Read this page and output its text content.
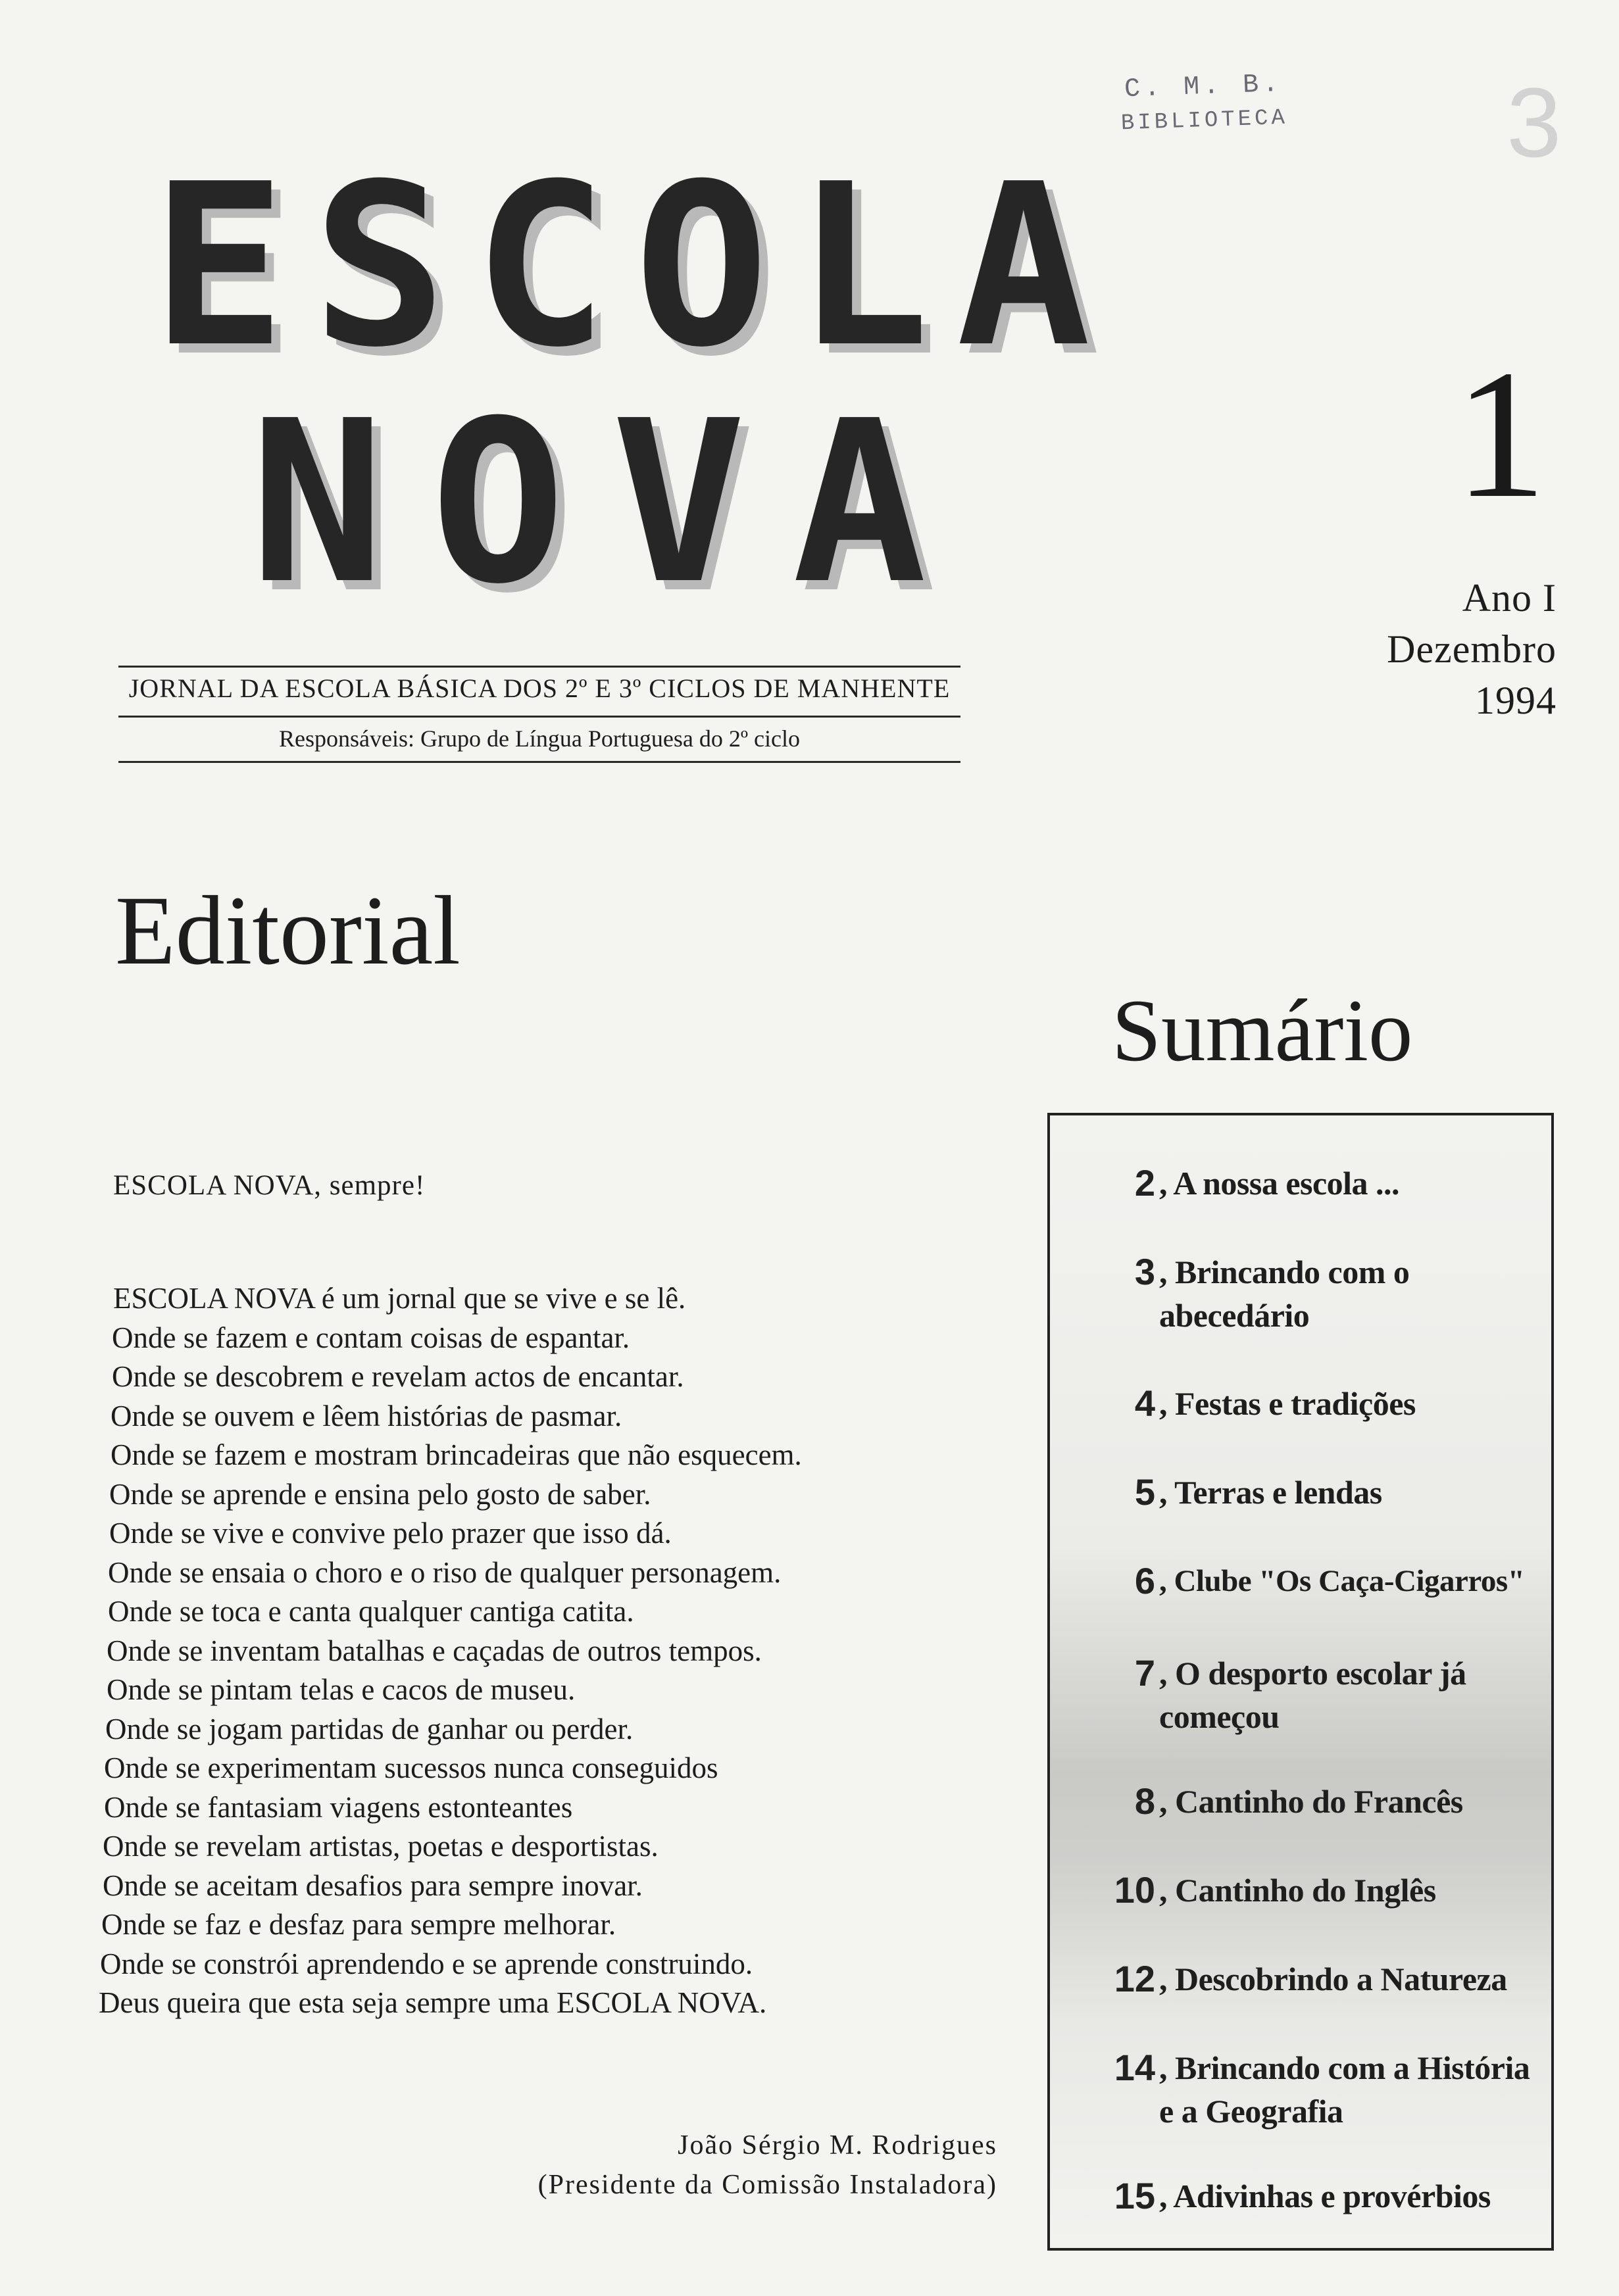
C. M. B.
BIBLIOTECA 3
ESCOLA
NOVA	1
Ano I
Dezembro
1994
JORNAL DA ESCOLA BÁSICA DOS 2º E 3º CICLOS DE MANHENTE
Responsáveis: Grupo de Língua Portuguesa do 2º ciclo
Editorial
ESCOLA NOVA, sempre!
ESCOLA NOVA é um jornal que se vive e se lê.
Onde se fazem e contam coisas de espantar.
Onde se descobrem e revelam actos de encantar.
Onde se ouvem e lêem histórias de pasmar.
Onde se fazem e mostram brincadeiras que não esquecem.
Onde se aprende e ensina pelo gosto de saber.
Onde se vive e convive pelo prazer que isso dá.
Onde se ensaia o choro e o riso de qualquer personagem.
Onde se toca e canta qualquer cantiga catita.
Onde se inventam batalhas e caçadas de outros tempos.
Onde se pintam telas e cacos de museu.
Onde se jogam partidas de ganhar ou perder.
Onde se experimentam sucessos nunca conseguidos
Onde se fantasiam viagens estonteantes
Onde se revelam artistas, poetas e desportistas.
Onde se aceitam desafios para sempre inovar.
Onde se faz e desfaz para sempre melhorar.
Onde se constrói aprendendo e se aprende construindo.
Deus queira que esta seja sempre uma ESCOLA NOVA.
João Sérgio M. Rodrigues
(Presidente da Comissão Instaladora)
Sumário
2 , A nossa escola ...
3 , Brincando com o abecedário
4 , Festas e tradições
5 , Terras e lendas
6 , Clube "Os Caça-Cigarros"
7 , O desporto escolar já começou
8 , Cantinho do Francês
10 , Cantinho do Inglês
12 , Descobrindo a Natureza
14 , Brincando com a História e a Geografia
15 , Adivinhas e provérbios
